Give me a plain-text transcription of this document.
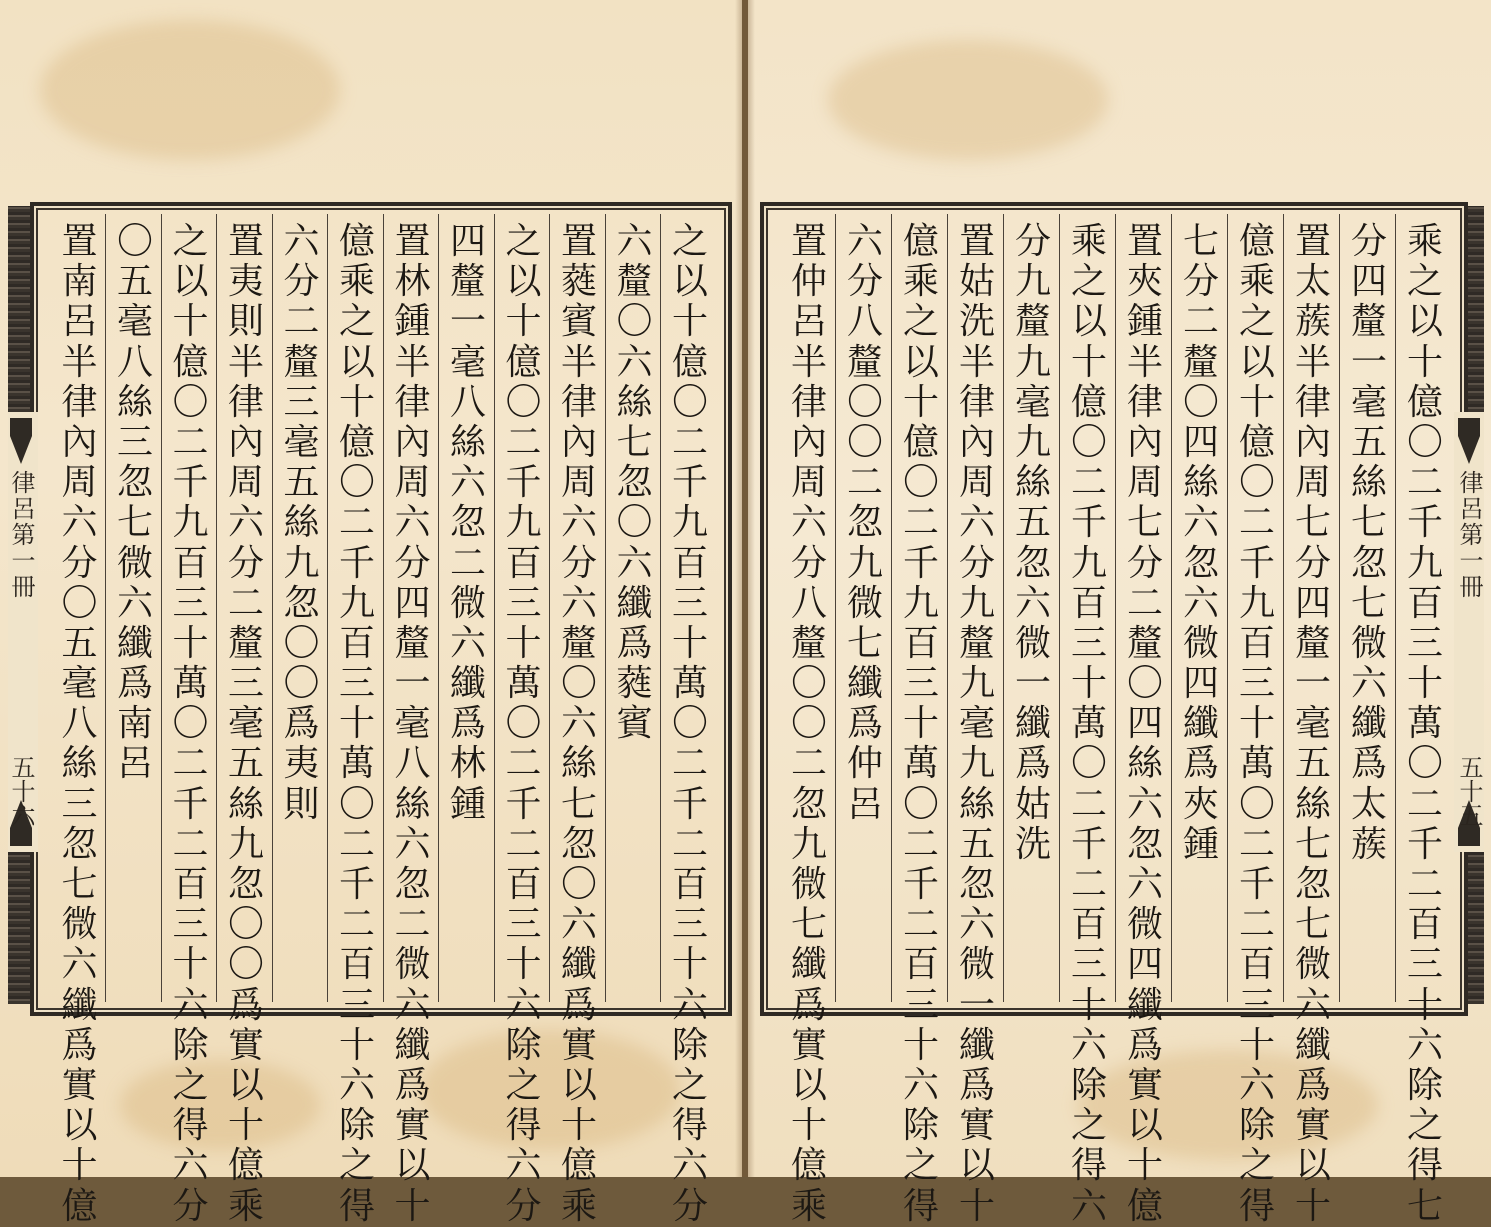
律呂第一冊
五十六
之
以
十
億
〇
二
千
九
百
三
十
萬
〇
二
千
二
百
三
十
六
除
之
得
六
分
六
釐
〇
六
絲
七
忽
〇
六
纖
爲
蕤
賓
置
蕤
賓
半
律
內
周
六
分
六
釐
〇
六
絲
七
忽
〇
六
纖
爲
實
以
十
億
乘
之
以
十
億
〇
二
千
九
百
三
十
萬
〇
二
千
二
百
三
十
六
除
之
得
六
分
四
釐
一
毫
八
絲
六
忽
二
微
六
纖
爲
林
鍾
置
林
鍾
半
律
內
周
六
分
四
釐
一
毫
八
絲
六
忽
二
微
六
纖
爲
實
以
十
億
乘
之
以
十
億
〇
二
千
九
百
三
十
萬
〇
二
千
二
百
三
十
六
除
之
得
六
分
二
釐
三
毫
五
絲
九
忽
〇
〇
爲
夷
則
置
夷
則
半
律
內
周
六
分
二
釐
三
毫
五
絲
九
忽
〇
〇
爲
實
以
十
億
乘
之
以
十
億
〇
二
千
九
百
三
十
萬
〇
二
千
二
百
三
十
六
除
之
得
六
分
〇
五
毫
八
絲
三
忽
七
微
六
纖
爲
南
呂
置
南
呂
半
律
內
周
六
分
〇
五
毫
八
絲
三
忽
七
微
六
纖
爲
實
以
十
億
律呂第一冊
五十五
乘
之
以
十
億
〇
二
千
九
百
三
十
萬
〇
二
千
二
百
三
十
六
除
之
得
七
分
四
釐
一
毫
五
絲
七
忽
七
微
六
纖
爲
太
蔟
置
太
蔟
半
律
內
周
七
分
四
釐
一
毫
五
絲
七
忽
七
微
六
纖
爲
實
以
十
億
乘
之
以
十
億
〇
二
千
九
百
三
十
萬
〇
二
千
二
百
三
十
六
除
之
得
七
分
二
釐
〇
四
絲
六
忽
六
微
四
纖
爲
夾
鍾
置
夾
鍾
半
律
內
周
七
分
二
釐
〇
四
絲
六
忽
六
微
四
纖
爲
實
以
十
億
乘
之
以
十
億
〇
二
千
九
百
三
十
萬
〇
二
千
二
百
三
十
六
除
之
得
六
分
九
釐
九
毫
九
絲
五
忽
六
微
一
纖
爲
姑
洗
置
姑
洗
半
律
內
周
六
分
九
釐
九
毫
九
絲
五
忽
六
微
一
纖
爲
實
以
十
億
乘
之
以
十
億
〇
二
千
九
百
三
十
萬
〇
二
千
二
百
三
十
六
除
之
得
六
分
八
釐
〇
〇
二
忽
九
微
七
纖
爲
仲
呂
置
仲
呂
半
律
內
周
六
分
八
釐
〇
〇
二
忽
九
微
七
纖
爲
實
以
十
億
乘
